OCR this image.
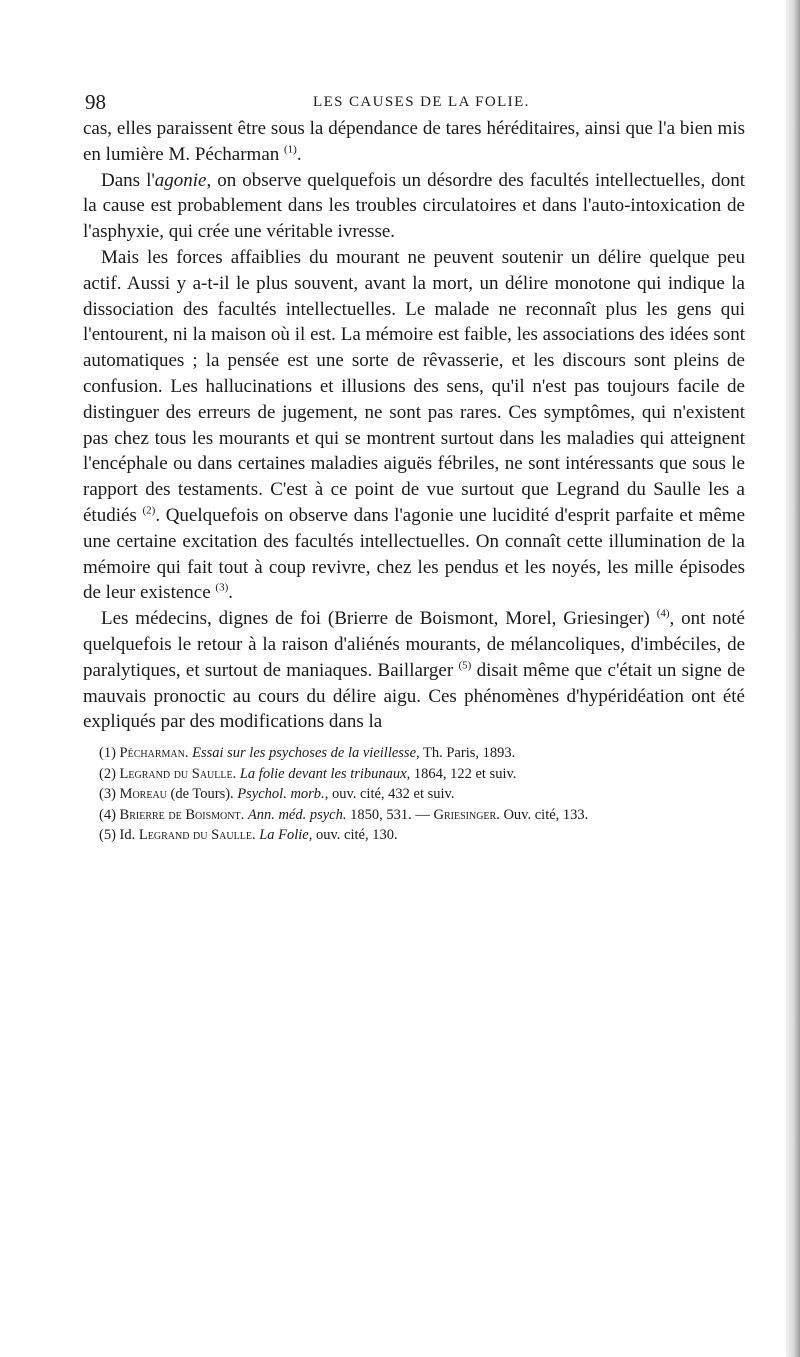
98	LES CAUSES DE LA FOLIE.

cas, elles paraissent être sous la dépendance de tares héréditaires, ainsi que l'a bien mis en lumière M. Pécharman $^{(1)}$.

Dans l'agonie, on observe quelquefois un désordre des facultés intellectuelles, dont la cause est probablement dans les troubles circulatoires et dans l'auto-intoxication de l'asphyxie, qui crée une véritable ivresse.

Mais les forces affaiblies du mourant ne peuvent soutenir un délire quelque peu actif. Aussi y a-t-il le plus souvent, avant la mort, un délire monotone qui indique la dissociation des facultés intellectuelles. Le malade ne reconnaît plus les gens qui l'entourent, ni la maison où il est. La mémoire est faible, les associations des idées sont automatiques ; la pensée est une sorte de rêvasserie, et les discours sont pleins de confusion. Les hallucinations et illusions des sens, qu'il n'est pas toujours facile de distinguer des erreurs de jugement, ne sont pas rares. Ces symptômes, qui n'existent pas chez tous les mourants et qui se montrent surtout dans les maladies qui atteignent l'encéphale ou dans certaines maladies aiguës fébriles, ne sont intéressants que sous le rapport des testaments. C'est à ce point de vue surtout que Legrand du Saulle les a étudiés $^{(2)}$. Quelquefois on observe dans l'agonie une lucidité d'esprit parfaite et même une certaine excitation des facultés intellectuelles. On connaît cette illumination de la mémoire qui fait tout à coup revivre, chez les pendus et les noyés, les mille épisodes de leur existence $^{(3)}$.

Les médecins, dignes de foi (Brierre de Boismont, Morel, Griesinger) $^{(4)}$, ont noté quelquefois le retour à la raison d'aliénés mourants, de mélancoliques, d'imbéciles, de paralytiques, et surtout de maniaques. Baillarger $^{(5)}$ disait même que c'était un signe de mauvais pronoctic au cours du délire aigu. Ces phénomènes d'hypéridéation ont été expliqués par des modifications dans la

(1) Pécharman. Essai sur les psychoses de la vieillesse, Th. Paris, 1893.

(2) Legrand du Saulle. La folie devant les tribunaux, 1864, 122 et suiv.

(3) Moreau (de Tours). Psychol. morb., ouv. cité, 432 et suiv.

(4) Brierre de Boismont. Ann. méd. psych. 1850, 531. — Griesinger. Ouv. cité, 133.

(5) Id. Legrand du Saulle. La Folie, ouv. cité, 130.
